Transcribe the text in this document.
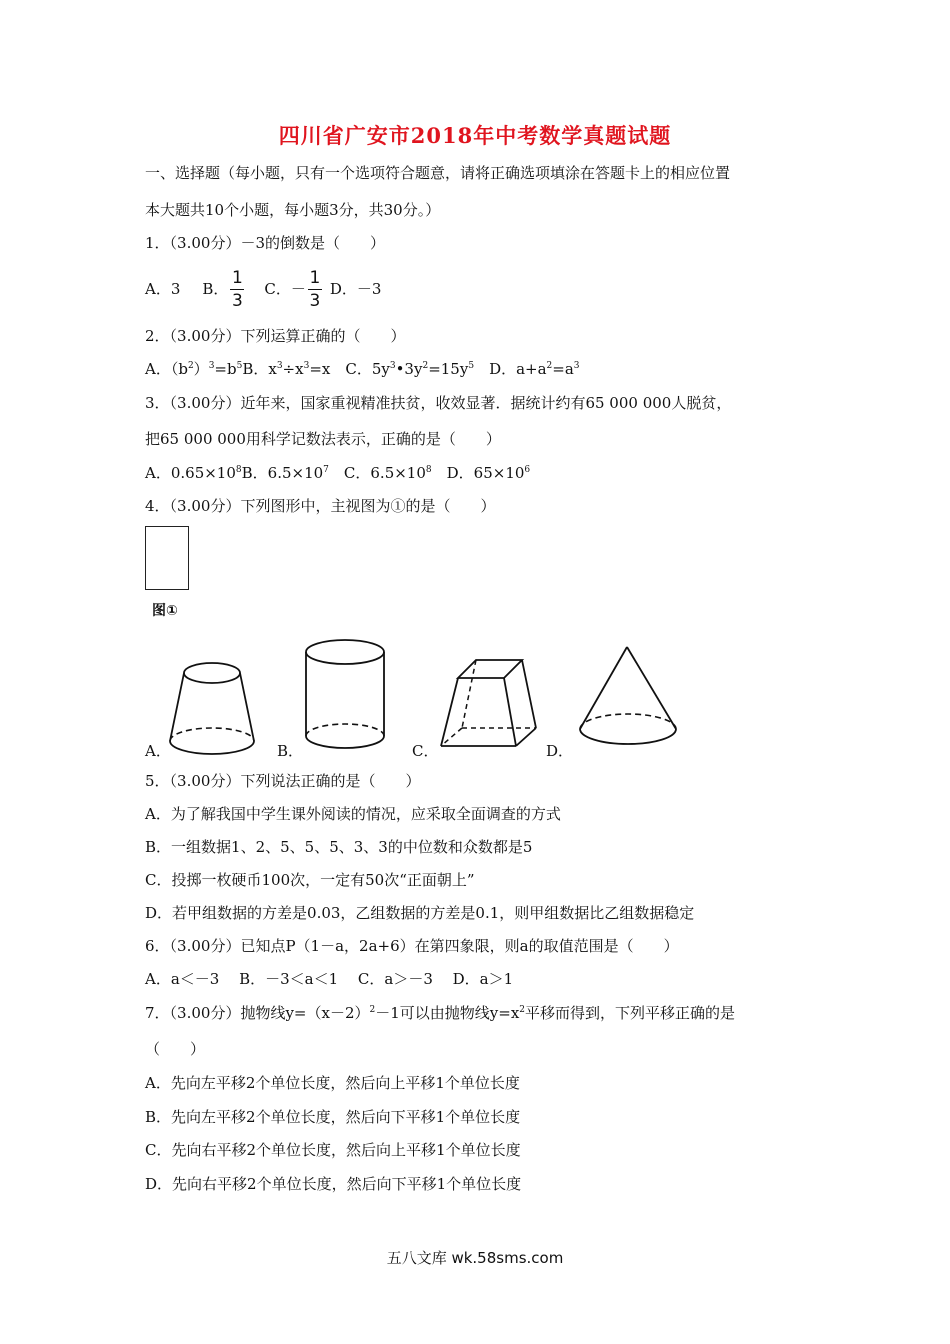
四川省广安市2018年中考数学真题试题
一、选择题（每小题，只有一个选项符合题意，请将正确选项填涂在答题卡上的相应位置
本大题共10个小题，每小题3分，共30分。）
1．（3.00分）－3的倒数是（　　）
A．3 B． $\frac{1}{3}$ C．－ $\frac{1}{3}$ D．－3
2．（3.00分）下列运算正确的（　　）
A．$(b^2)^3=b^5B$．$x^3\div x^3=x$　C．$5y^3•3y^2=15y^5$　D．$a+a^2=a^3$
3．（3.00分）近年来，国家重视精准扶贫，收效显著．据统计约有65 000 000人脱贫，
把65 000 000用科学记数法表示，正确的是（　　）
A．$0.65\times 10^8B$．$6.5\times 10^7$　C．$6.5\times 10^8$　D．$65\times 10^6$
4．（3.00分）下列图形中，主视图为①的是（　　）
图①
A．	B．	C．	D．
5．（3.00分）下列说法正确的是（　　）
A．为了解我国中学生课外阅读的情况，应采取全面调查的方式
B．一组数据1、2、5、5、5、3、3的中位数和众数都是5
C．投掷一枚硬币100次，一定有50次“正面朝上”
D．若甲组数据的方差是0.03，乙组数据的方差是0.1，则甲组数据比乙组数据稳定
6．（3.00分）已知点P（1－a，2a+6）在第四象限，则a的取值范围是（　　）
A．a＜－3　 B．－3＜a＜1　 C．a＞－3　 D．a＞1
7．（3.00分）抛物线$y=(x-2)^2-1$可以由抛物线$y=x^2$平移而得到，下列平移正确的是
（　　）
A．先向左平移2个单位长度，然后向上平移1个单位长度
B．先向左平移2个单位长度，然后向下平移1个单位长度
C．先向右平移2个单位长度，然后向上平移1个单位长度
D．先向右平移2个单位长度，然后向下平移1个单位长度
五八文库 wk.58sms.com
